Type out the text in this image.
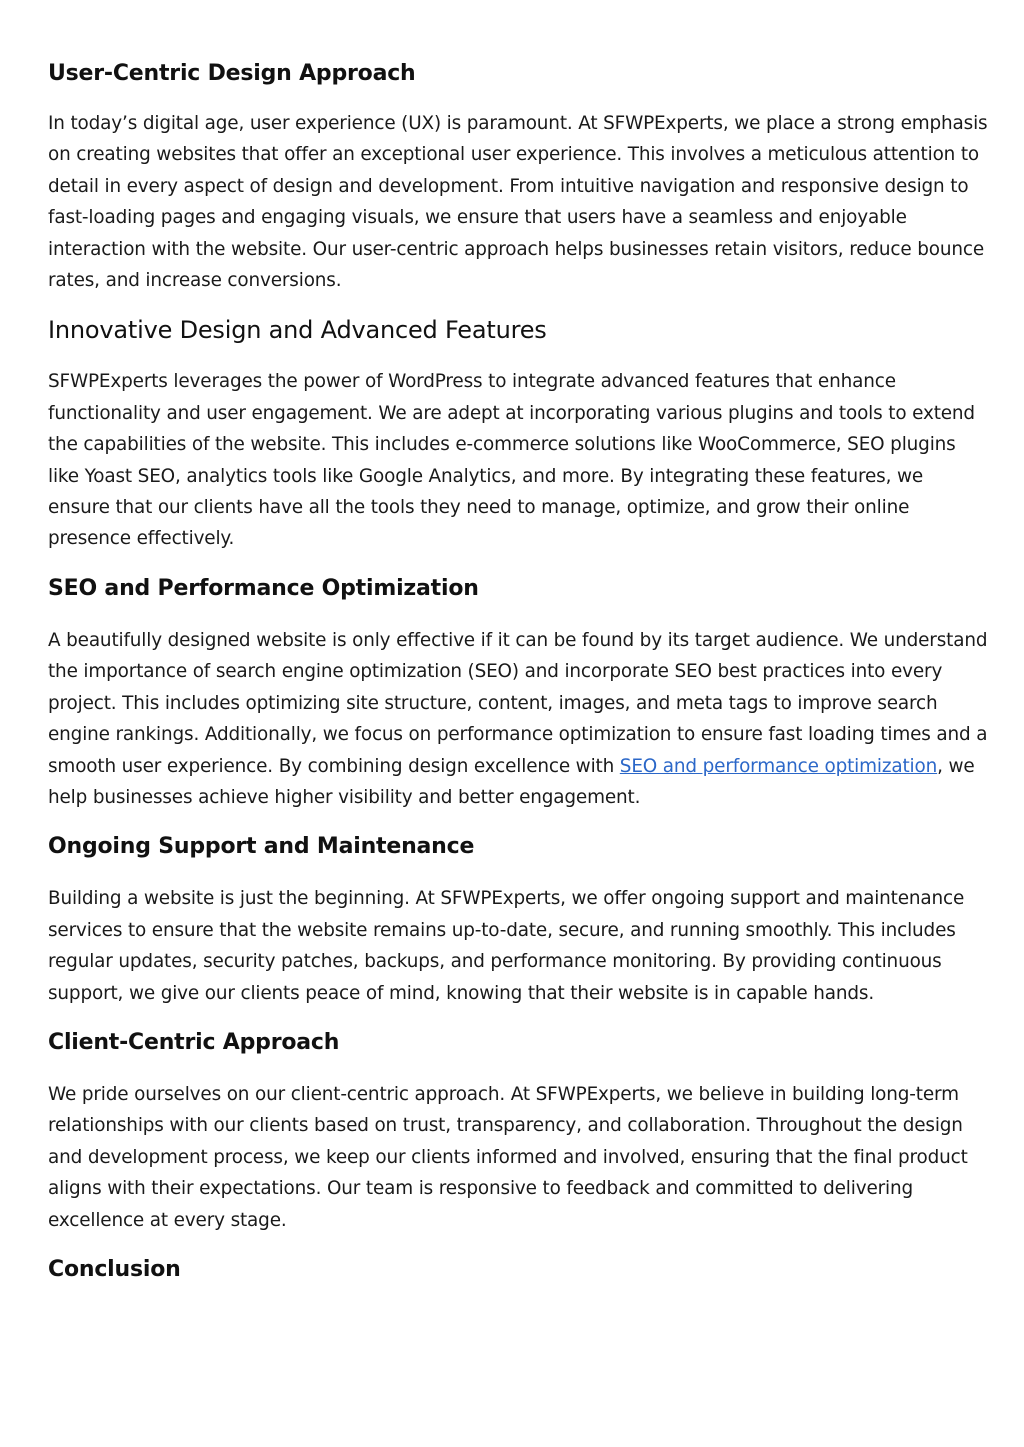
User-Centric Design Approach

In today’s digital age, user experience (UX) is paramount. At SFWPExperts, we place a strong emphasis on creating websites that offer an exceptional user experience. This involves a meticulous attention to detail in every aspect of design and development. From intuitive navigation and responsive design to fast-loading pages and engaging visuals, we ensure that users have a seamless and enjoyable interaction with the website. Our user-centric approach helps businesses retain visitors, reduce bounce rates, and increase conversions.

Innovative Design and Advanced Features

SFWPExperts leverages the power of WordPress to integrate advanced features that enhance functionality and user engagement. We are adept at incorporating various plugins and tools to extend the capabilities of the website. This includes e-commerce solutions like WooCommerce, SEO plugins like Yoast SEO, analytics tools like Google Analytics, and more. By integrating these features, we ensure that our clients have all the tools they need to manage, optimize, and grow their online presence effectively.

SEO and Performance Optimization

A beautifully designed website is only effective if it can be found by its target audience. We understand the importance of search engine optimization (SEO) and incorporate SEO best practices into every project. This includes optimizing site structure, content, images, and meta tags to improve search engine rankings. Additionally, we focus on performance optimization to ensure fast loading times and a smooth user experience. By combining design excellence with SEO and performance optimization, we help businesses achieve higher visibility and better engagement.

Ongoing Support and Maintenance

Building a website is just the beginning. At SFWPExperts, we offer ongoing support and maintenance services to ensure that the website remains up-to-date, secure, and running smoothly. This includes regular updates, security patches, backups, and performance monitoring. By providing continuous support, we give our clients peace of mind, knowing that their website is in capable hands.

Client-Centric Approach

We pride ourselves on our client-centric approach. At SFWPExperts, we believe in building long-term relationships with our clients based on trust, transparency, and collaboration. Throughout the design and development process, we keep our clients informed and involved, ensuring that the final product aligns with their expectations. Our team is responsive to feedback and committed to delivering excellence at every stage.

Conclusion
